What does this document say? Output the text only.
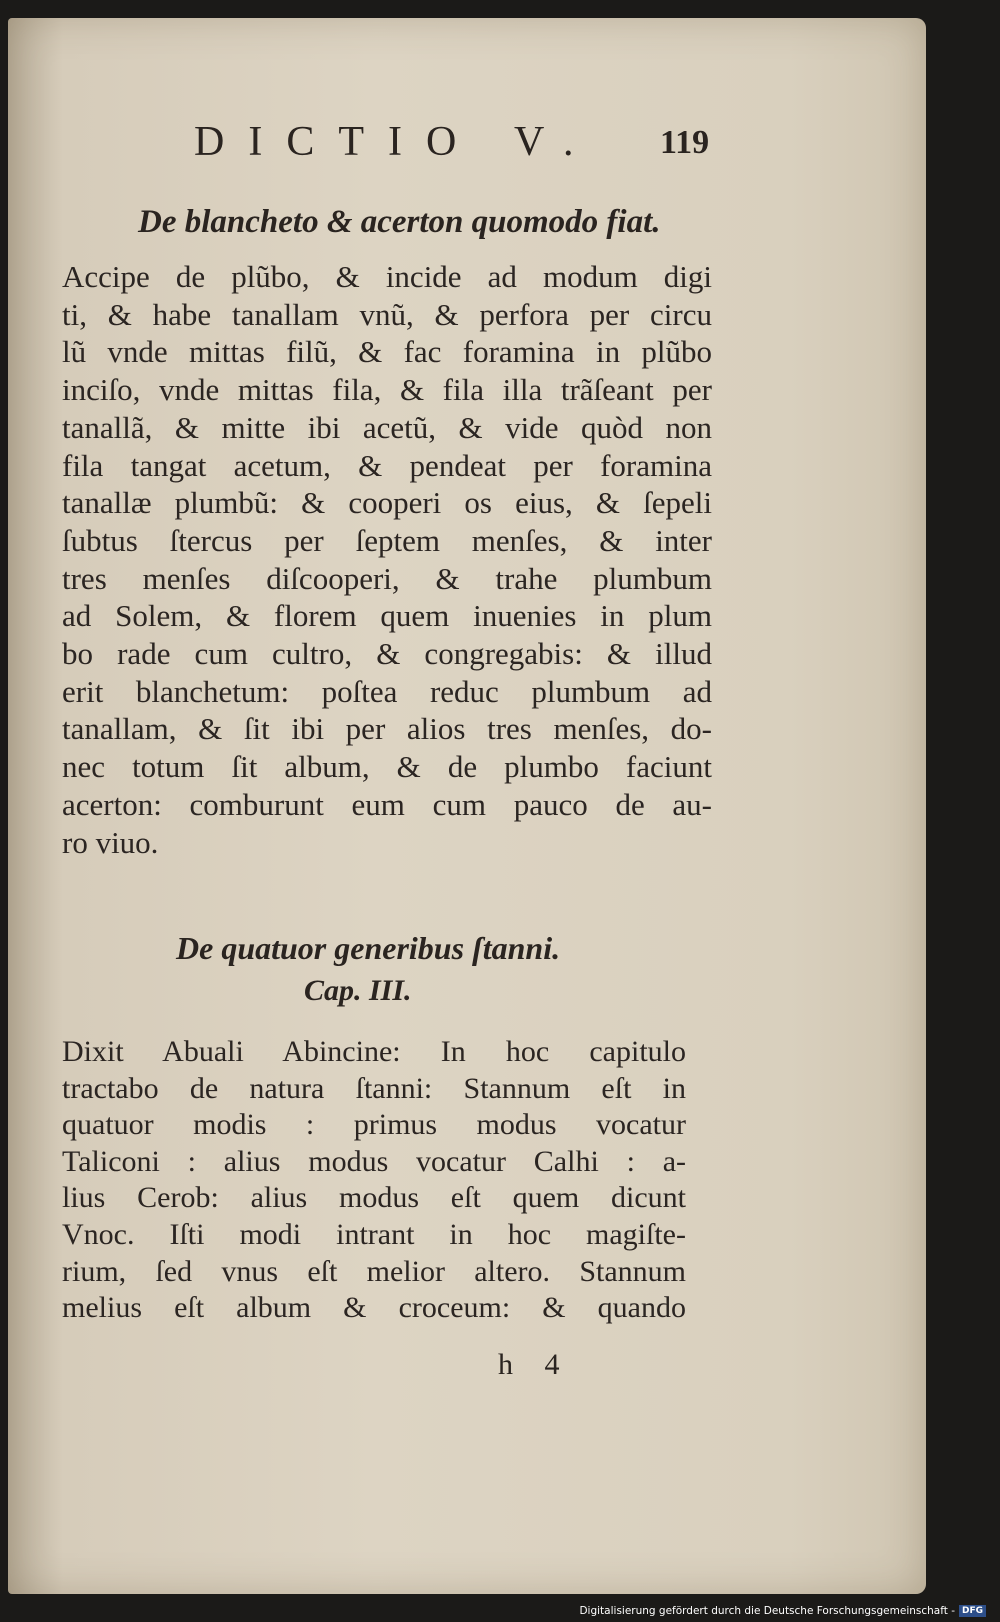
DICTIO V. 119
De blancheto & acerton quomodo fiat.
Accipe de plũbo, & incide ad modum digi
ti, & habe tanallam vnũ, & perfora per circu
lũ vnde mittas filũ, & fac foramina in plũbo
inciſo, vnde mittas fila, & fila illa trãſeant per
tanallã, & mitte ibi acetũ, & vide quòd non
fila tangat acetum, & pendeat per foramina
tanallæ plumbũ: & cooperi os eius, & ſepeli
ſubtus ſtercus per ſeptem menſes, & inter
tres menſes diſcooperi, & trahe plumbum
ad Solem, & florem quem inuenies in plum
bo rade cum cultro, & congregabis: & illud
erit blanchetum: poſtea reduc plumbum ad
tanallam, & ſit ibi per alios tres menſes, do-
nec totum ſit album, & de plumbo faciunt
acerton: comburunt eum cum pauco de au-
ro viuo.
De quatuor generibus ſtanni.
Cap. III.
Dixit Abuali Abincine: In hoc capitulo
tractabo de natura ſtanni: Stannum eſt in
quatuor modis : primus modus vocatur
Taliconi : alius modus vocatur Calhi : a-
lius Cerob: alius modus eſt quem dicunt
Vnoc. Iſti modi intrant in hoc magiſte-
rium, ſed vnus eſt melior altero. Stannum
melius eſt album & croceum: & quando
h 4
Digitalisierung gefördert durch die Deutsche Forschungsgemeinschaft - DFG
